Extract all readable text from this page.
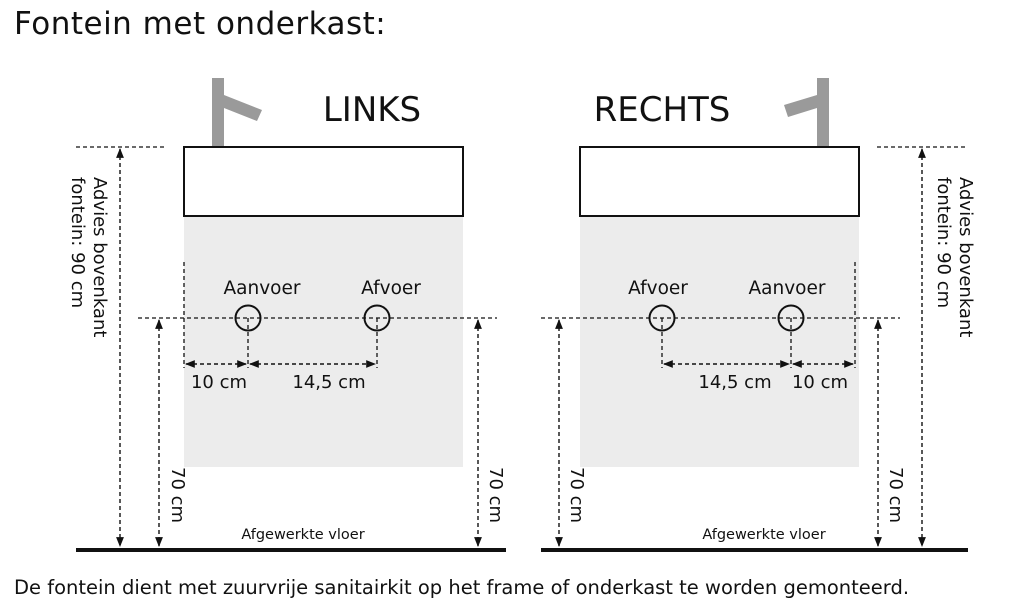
Fontein met onderkast:
LINKS
Aanvoer	Afvoer
10 cm	14,5 cm
70 cm	70 cm
Advies bovenkant
fontein: 90 cm
Afgewerkte vloer
RECHTS
Afvoer	Aanvoer
14,5 cm 10 cm
70 cm	70 cm
Advies bovenkant
fontein: 90 cm
Afgewerkte vloer
De fontein dient met zuurvrije sanitairkit op het frame of onderkast te worden gemonteerd.
